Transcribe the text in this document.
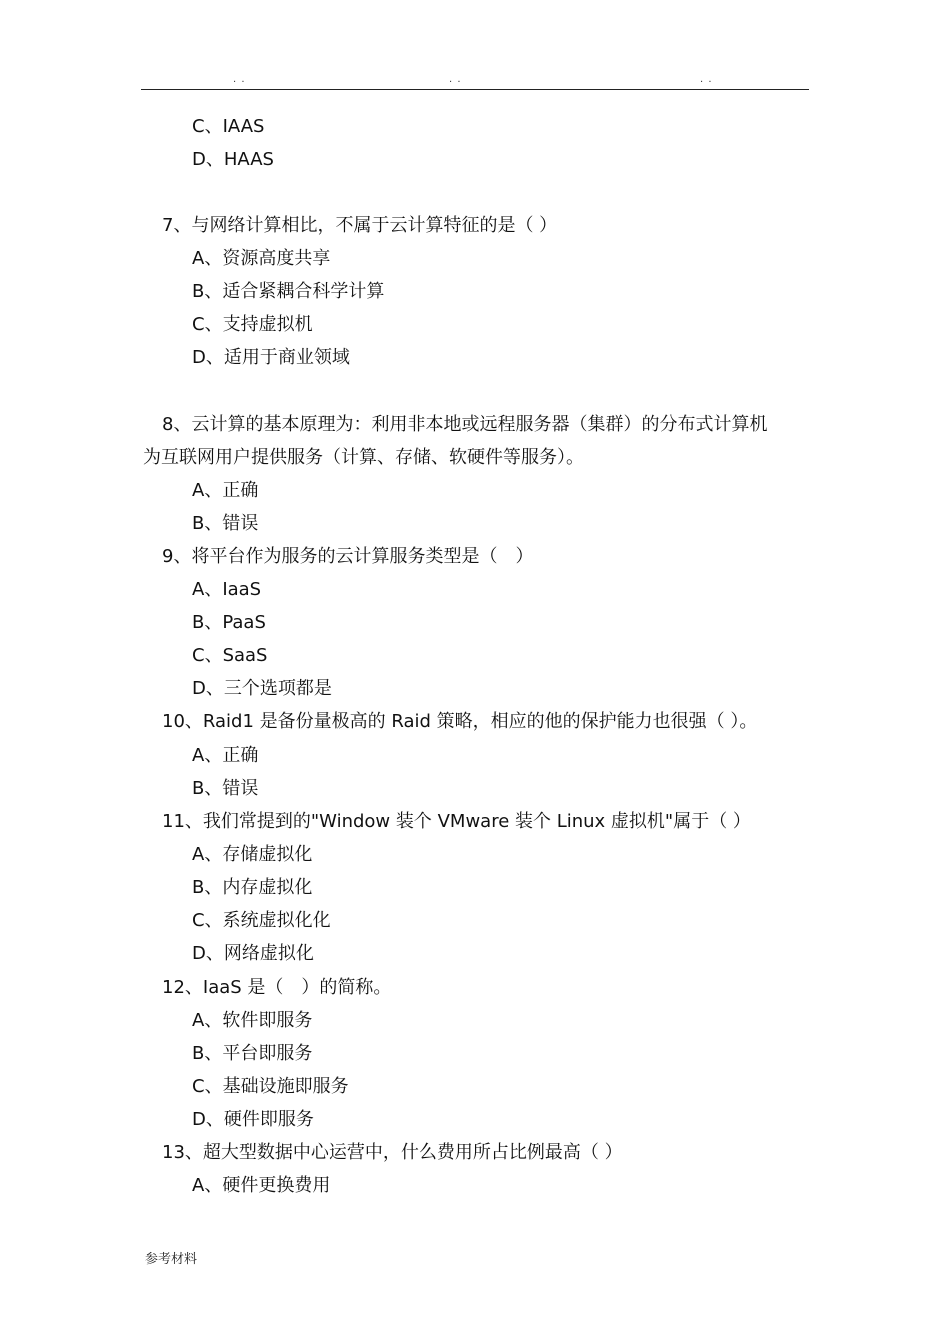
. .	. .	. .
C、IAAS
D、HAAS
7、与网络计算相比，不属于云计算特征的是（ ）
A、资源高度共享
B、适合紧耦合科学计算
C、支持虚拟机
D、适用于商业领域
8、云计算的基本原理为：利用非本地或远程服务器（集群）的分布式计算机
为互联网用户提供服务（计算、存储、软硬件等服务）。
A、正确
B、错误
9、将平台作为服务的云计算服务类型是（　）
A、IaaS
B、PaaS
C、SaaS
D、三个选项都是
10、Raid1 是备份量极高的 Raid 策略，相应的他的保护能力也很强（ ）。
A、正确
B、错误
11、我们常提到的"Window 装个 VMware 装个 Linux 虚拟机"属于（ ）
A、存储虚拟化
B、内存虚拟化
C、系统虚拟化化
D、网络虚拟化
12、IaaS 是（　）的简称。
A、软件即服务
B、平台即服务
C、基础设施即服务
D、硬件即服务
13、超大型数据中心运营中，什么费用所占比例最高（ ）
A、硬件更换费用
参考材料
